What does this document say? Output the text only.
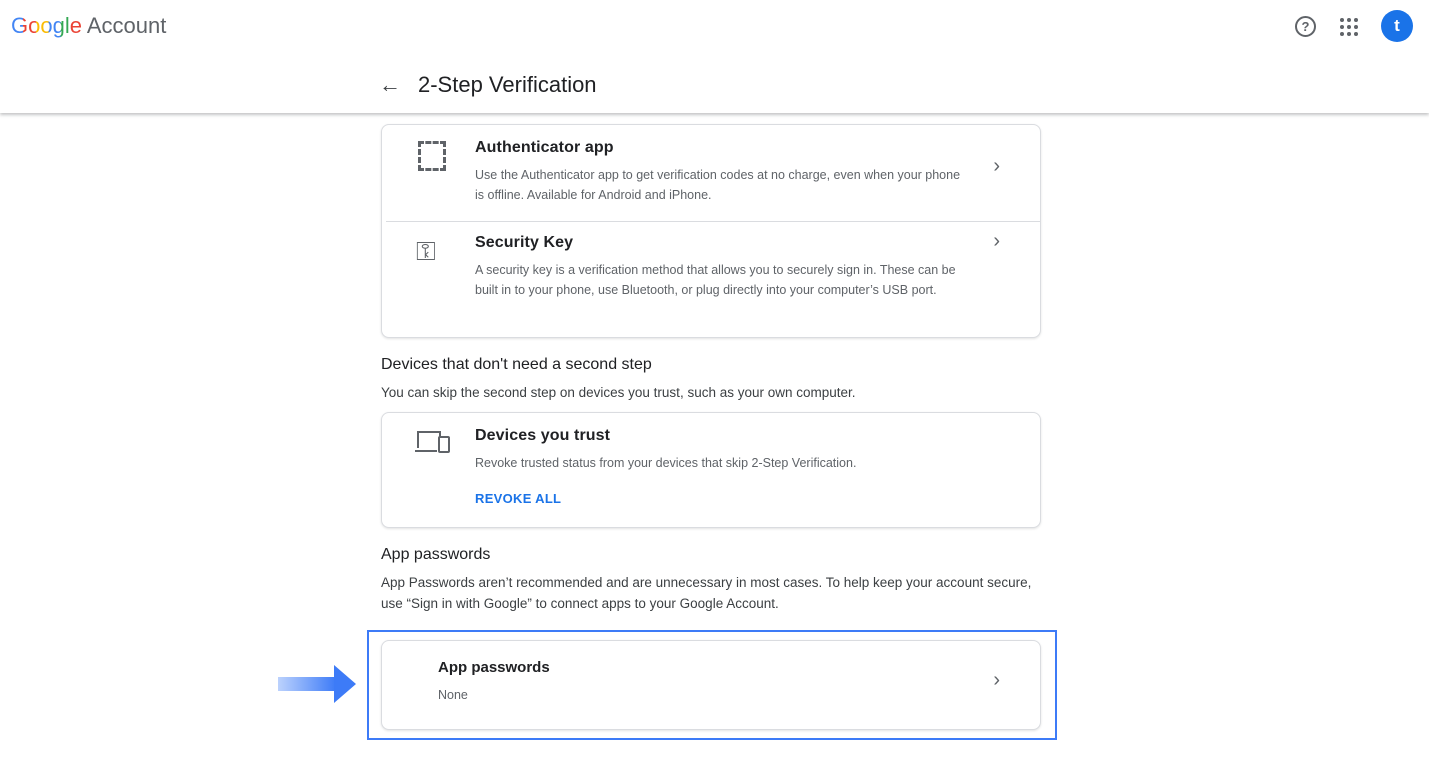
Google Account	?	t
← 2-Step Verification
Authenticator app
Use the Authenticator app to get verification codes at no charge, even when your phone is offline. Available for Android and iPhone.
›
⚿ Security Key
A security key is a verification method that allows you to securely sign in. These can be built in to your phone, use Bluetooth, or plug directly into your computer’s USB port.
›
Devices that don't need a second step
You can skip the second step on devices you trust, such as your own computer.
Devices you trust
Revoke trusted status from your devices that skip 2-Step Verification.
REVOKE ALL
App passwords
App Passwords aren’t recommended and are unnecessary in most cases. To help keep your account secure, use “Sign in with Google” to connect apps to your Google Account.
App passwords
None
›
